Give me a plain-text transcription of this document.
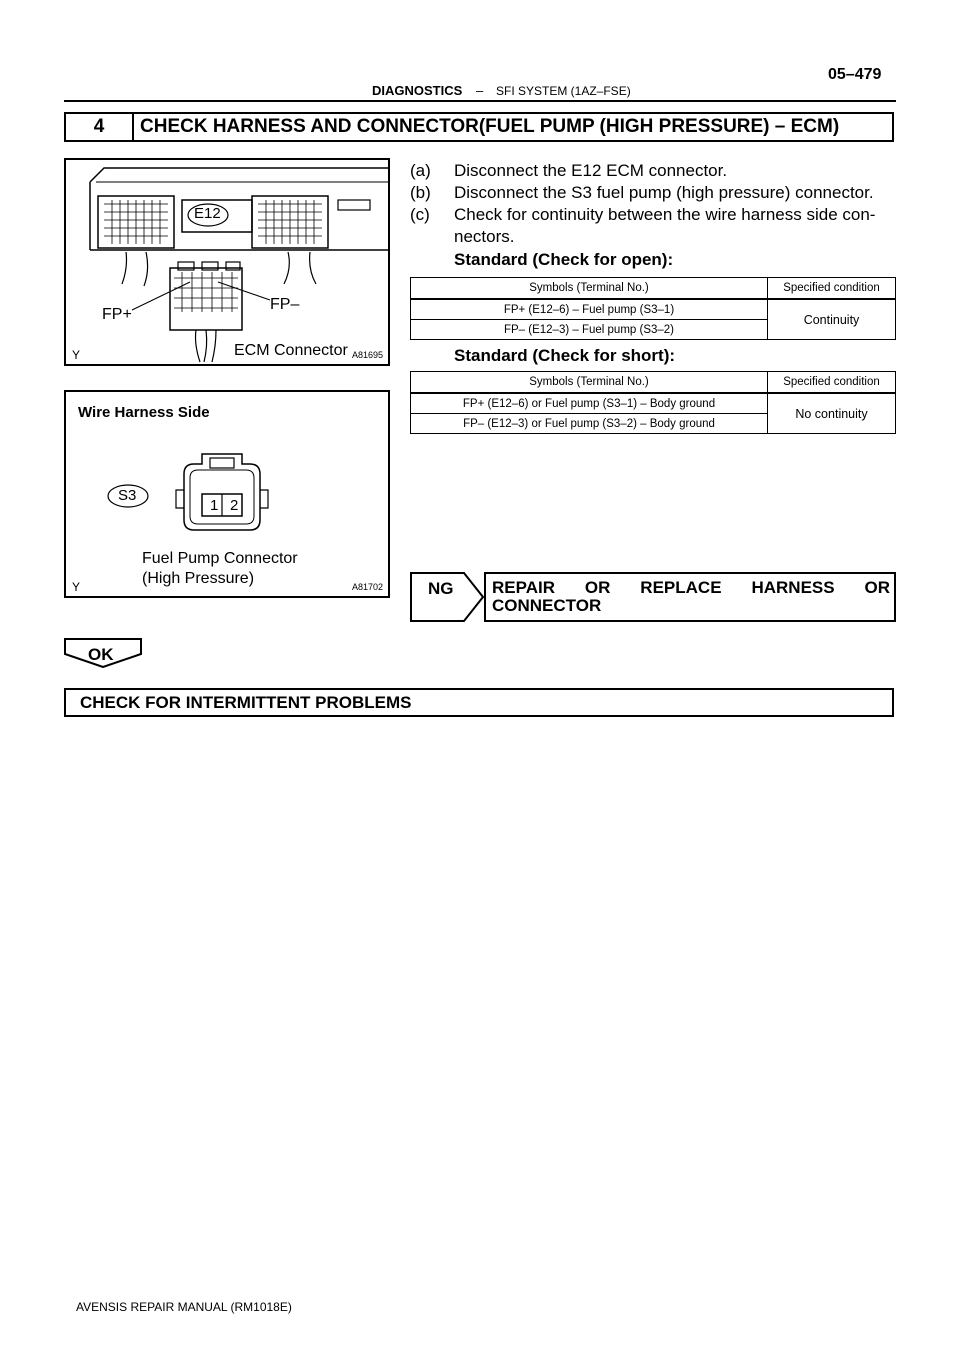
05–479
DIAGNOSTICS – SFI SYSTEM (1AZ–FSE)
4	CHECK HARNESS AND CONNECTOR(FUEL PUMP (HIGH PRESSURE) – ECM)
E12
FP+
FP–
ECM Connector A81695
Y
Wire Harness Side
S3
1 2
Fuel Pump Connector
(High Pressure)	A81702
Y
(a) Disconnect the E12 ECM connector.
(b) Disconnect the S3 fuel pump (high pressure) connector.
(c) Check for continuity between the wire harness side con-
nectors.
Standard (Check for open):
Symbols (Terminal No.)	Specified condition
FP+ (E12–6) – Fuel pump (S3–1)	Continuity
FP– (E12–3) – Fuel pump (S3–2)	
Standard (Check for short):
Symbols (Terminal No.)	Specified condition
FP+ (E12–6) or Fuel pump (S3–1) – Body ground	No continuity
FP– (E12–3) or Fuel pump (S3–2) – Body ground	
NG REPAIR OR REPLACE HARNESS OR CONNECTOR
OK
CHECK FOR INTERMITTENT PROBLEMS
AVENSIS REPAIR MANUAL (RM1018E)
